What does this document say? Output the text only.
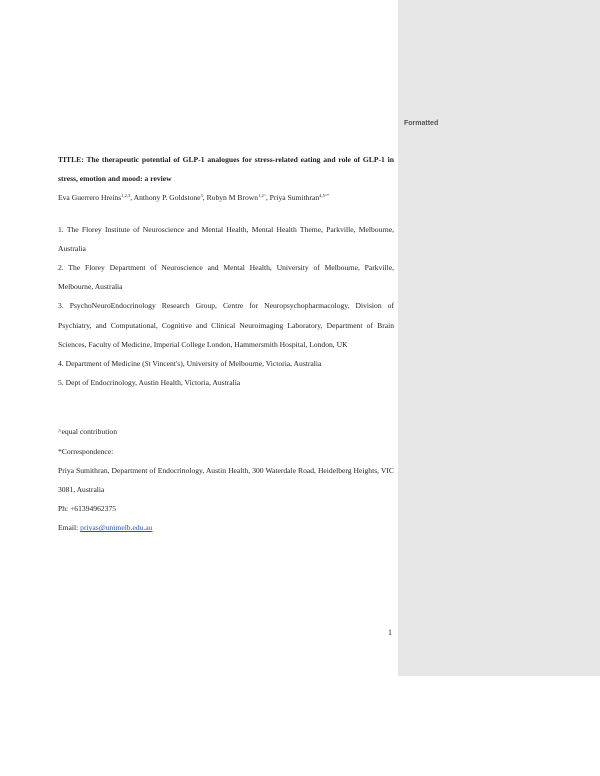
Formatted
TITLE: The therapeutic potential of GLP-1 analogues for stress-related eating and role of GLP-1 in stress, emotion and mood: a review
Eva Guerrero Hreins$^{1,2,3}$, Anthony P. Goldstone$^3$, Robyn M Brown$^{1,2\^{}}$, Priya Sumithran$^{4,5\^{}*}$
1. The Florey Institute of Neuroscience and Mental Health, Mental Health Theme, Parkville, Melbourne, Australia
2. The Florey Department of Neuroscience and Mental Health, University of Melbourne, Parkville, Melbourne, Australia
3. PsychoNeuroEndocrinology Research Group, Centre for Neuropsychopharmacology, Division of Psychiatry, and Computational, Cognitive and Clinical Neuroimaging Laboratory, Department of Brain Sciences, Faculty of Medicine, Imperial College London, Hammersmith Hospital, London, UK
4. Department of Medicine (St Vincent's), University of Melbourne, Victoria, Australia
5. Dept of Endocrinology, Austin Health, Victoria, Australia
^equal contribution
*Correspondence:
Priya Sumithran, Department of Endocrinology, Austin Health, 300 Waterdale Road, Heidelberg Heights, VIC 3081, Australia
Ph: +61394962375
Email: priyas@unimelb.edu.au
1
